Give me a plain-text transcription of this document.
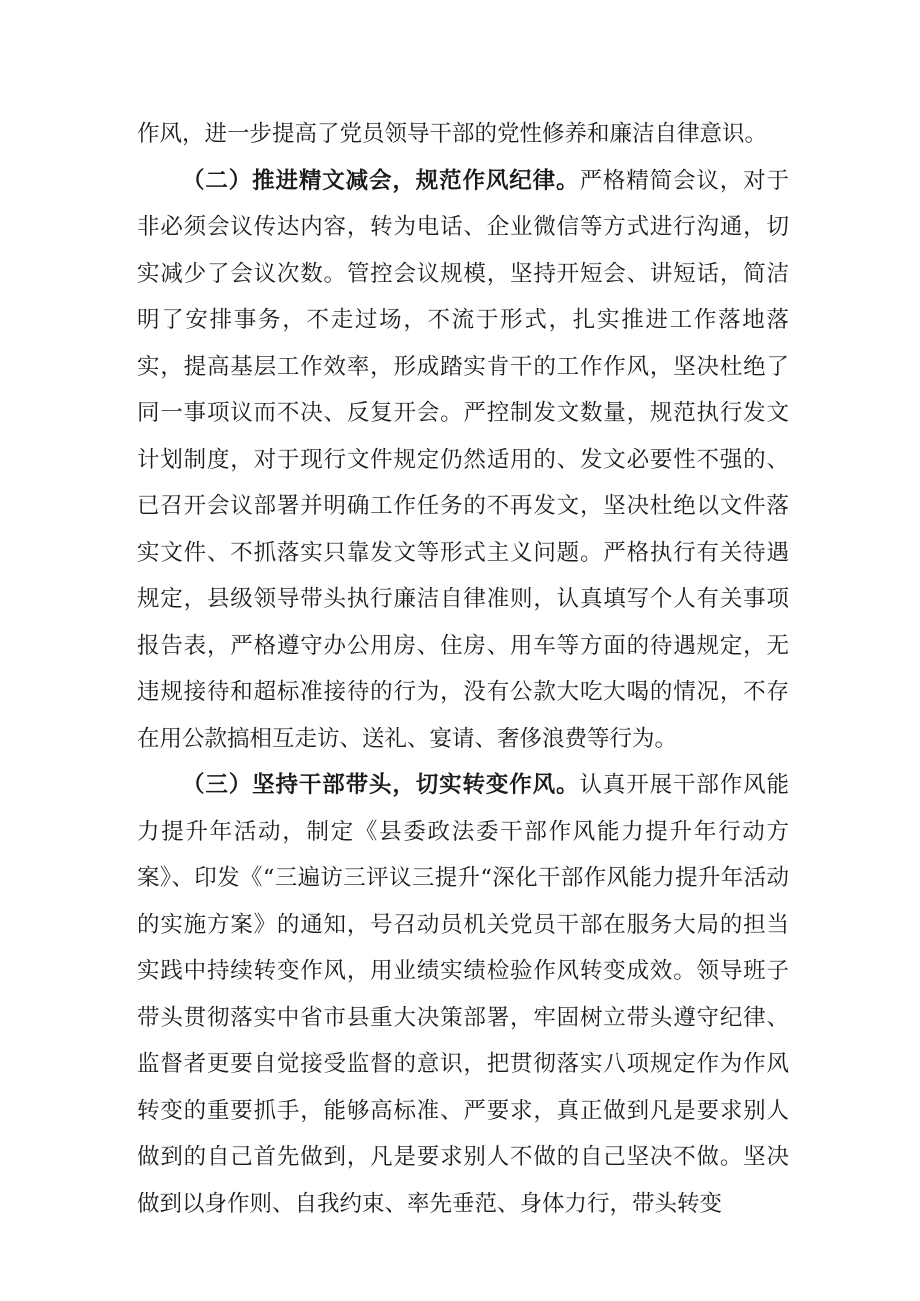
作风，进一步提高了党员领导干部的党性修养和廉洁自律意识。

（二）推进精文减会，规范作风纪律。严格精简会议，对于非必须会议传达内容，转为电话、企业微信等方式进行沟通，切实减少了会议次数。管控会议规模，坚持开短会、讲短话，简洁明了安排事务，不走过场，不流于形式，扎实推进工作落地落实，提高基层工作效率，形成踏实肯干的工作作风，坚决杜绝了同一事项议而不决、反复开会。严控制发文数量，规范执行发文计划制度，对于现行文件规定仍然适用的、发文必要性不强的、已召开会议部署并明确工作任务的不再发文，坚决杜绝以文件落实文件、不抓落实只靠发文等形式主义问题。严格执行有关待遇规定，县级领导带头执行廉洁自律准则，认真填写个人有关事项报告表，严格遵守办公用房、住房、用车等方面的待遇规定，无违规接待和超标准接待的行为，没有公款大吃大喝的情况，不存在用公款搞相互走访、送礼、宴请、奢侈浪费等行为。

（三）坚持干部带头，切实转变作风。认真开展干部作风能力提升年活动，制定《县委政法委干部作风能力提升年行动方案》、印发《“三遍访三评议三提升“深化干部作风能力提升年活动的实施方案》的通知，号召动员机关党员干部在服务大局的担当实践中持续转变作风，用业绩实绩检验作风转变成效。领导班子带头贯彻落实中省市县重大决策部署，牢固树立带头遵守纪律、监督者更要自觉接受监督的意识，把贯彻落实八项规定作为作风转变的重要抓手，能够高标准、严要求，真正做到凡是要求别人做到的自己首先做到，凡是要求别人不做的自己坚决不做。坚决做到以身作则、自我约束、率先垂范、身体力行，带头转变
